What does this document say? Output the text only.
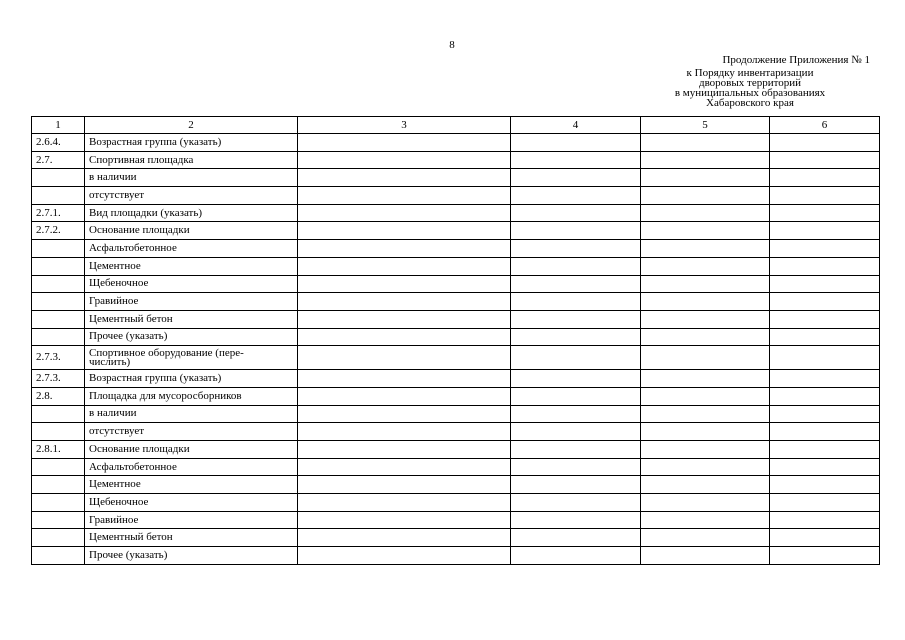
8
Продолжение Приложения № 1
к Порядку инвентаризации
дворовых территорий
в муниципальных образованиях
Хабаровского края
1	2	3	4	5	6
2.6.4.	Возрастная группа (указать)				
2.7.	Спортивная площадка				
	в наличии				
	отсутствует				
2.7.1.	Вид площадки (указать)				
2.7.2.	Основание площадки				
	Асфальтобетонное				
	Цементное				
	Щебеночное				
	Гравийное				
	Цементный бетон				
	Прочее (указать)				
2.7.3.	Спортивное оборудование (пере-
числить)				
2.7.3.	Возрастная группа (указать)				
2.8.	Площадка для мусоросборников				
	в наличии				
	отсутствует				
2.8.1.	Основание площадки				
	Асфальтобетонное				
	Цементное				
	Щебеночное				
	Гравийное				
	Цементный бетон				
	Прочее (указать)				
